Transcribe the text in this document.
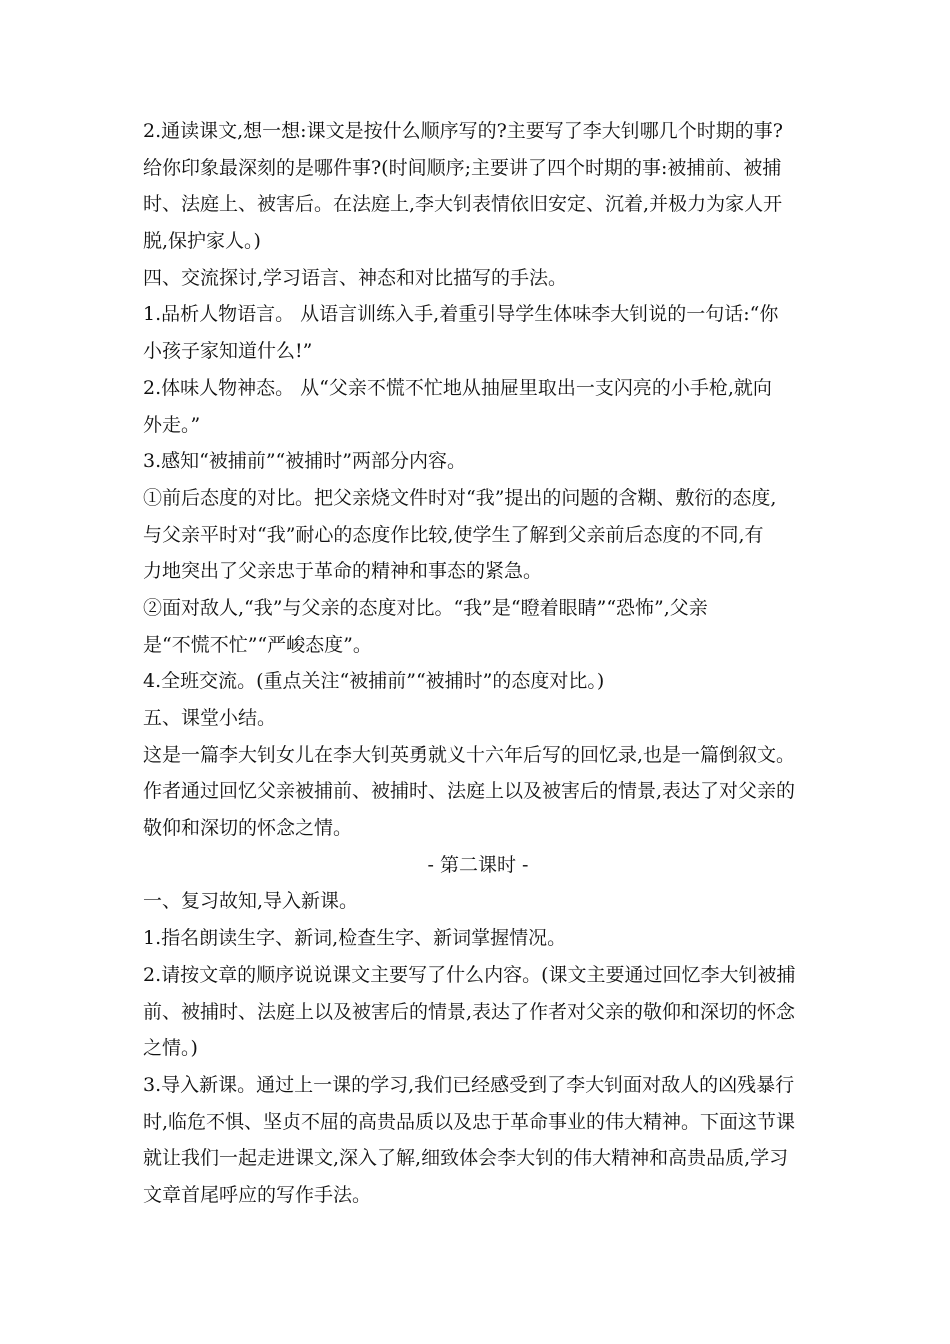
2.通读课文,想一想:课文是按什么顺序写的?主要写了李大钊哪几个时期的事?
给你印象最深刻的是哪件事?(时间顺序;主要讲了四个时期的事:被捕前、被捕
时、法庭上、被害后。在法庭上,李大钊表情依旧安定、沉着,并极力为家人开
脱,保护家人。)
四、交流探讨,学习语言、神态和对比描写的手法。
1.品析人物语言。 从语言训练入手,着重引导学生体味李大钊说的一句话:“你
小孩子家知道什么!”
2.体味人物神态。 从“父亲不慌不忙地从抽屉里取出一支闪亮的小手枪,就向
外走。”
3.感知“被捕前”“被捕时”两部分内容。
①前后态度的对比。把父亲烧文件时对“我”提出的问题的含糊、敷衍的态度,
与父亲平时对“我”耐心的态度作比较,使学生了解到父亲前后态度的不同,有
力地突出了父亲忠于革命的精神和事态的紧急。
②面对敌人,“我”与父亲的态度对比。“我”是“瞪着眼睛”“恐怖”,父亲
是“不慌不忙”“严峻态度”。
4.全班交流。(重点关注“被捕前”“被捕时”的态度对比。)
五、课堂小结。
这是一篇李大钊女儿在李大钊英勇就义十六年后写的回忆录,也是一篇倒叙文。
作者通过回忆父亲被捕前、被捕时、法庭上以及被害后的情景,表达了对父亲的
敬仰和深切的怀念之情。
- 第二课时 -
一、复习故知,导入新课。
1.指名朗读生字、新词,检查生字、新词掌握情况。
2.请按文章的顺序说说课文主要写了什么内容。(课文主要通过回忆李大钊被捕
前、被捕时、法庭上以及被害后的情景,表达了作者对父亲的敬仰和深切的怀念
之情。)
3.导入新课。通过上一课的学习,我们已经感受到了李大钊面对敌人的凶残暴行
时,临危不惧、坚贞不屈的高贵品质以及忠于革命事业的伟大精神。下面这节课
就让我们一起走进课文,深入了解,细致体会李大钊的伟大精神和高贵品质,学习
文章首尾呼应的写作手法。
